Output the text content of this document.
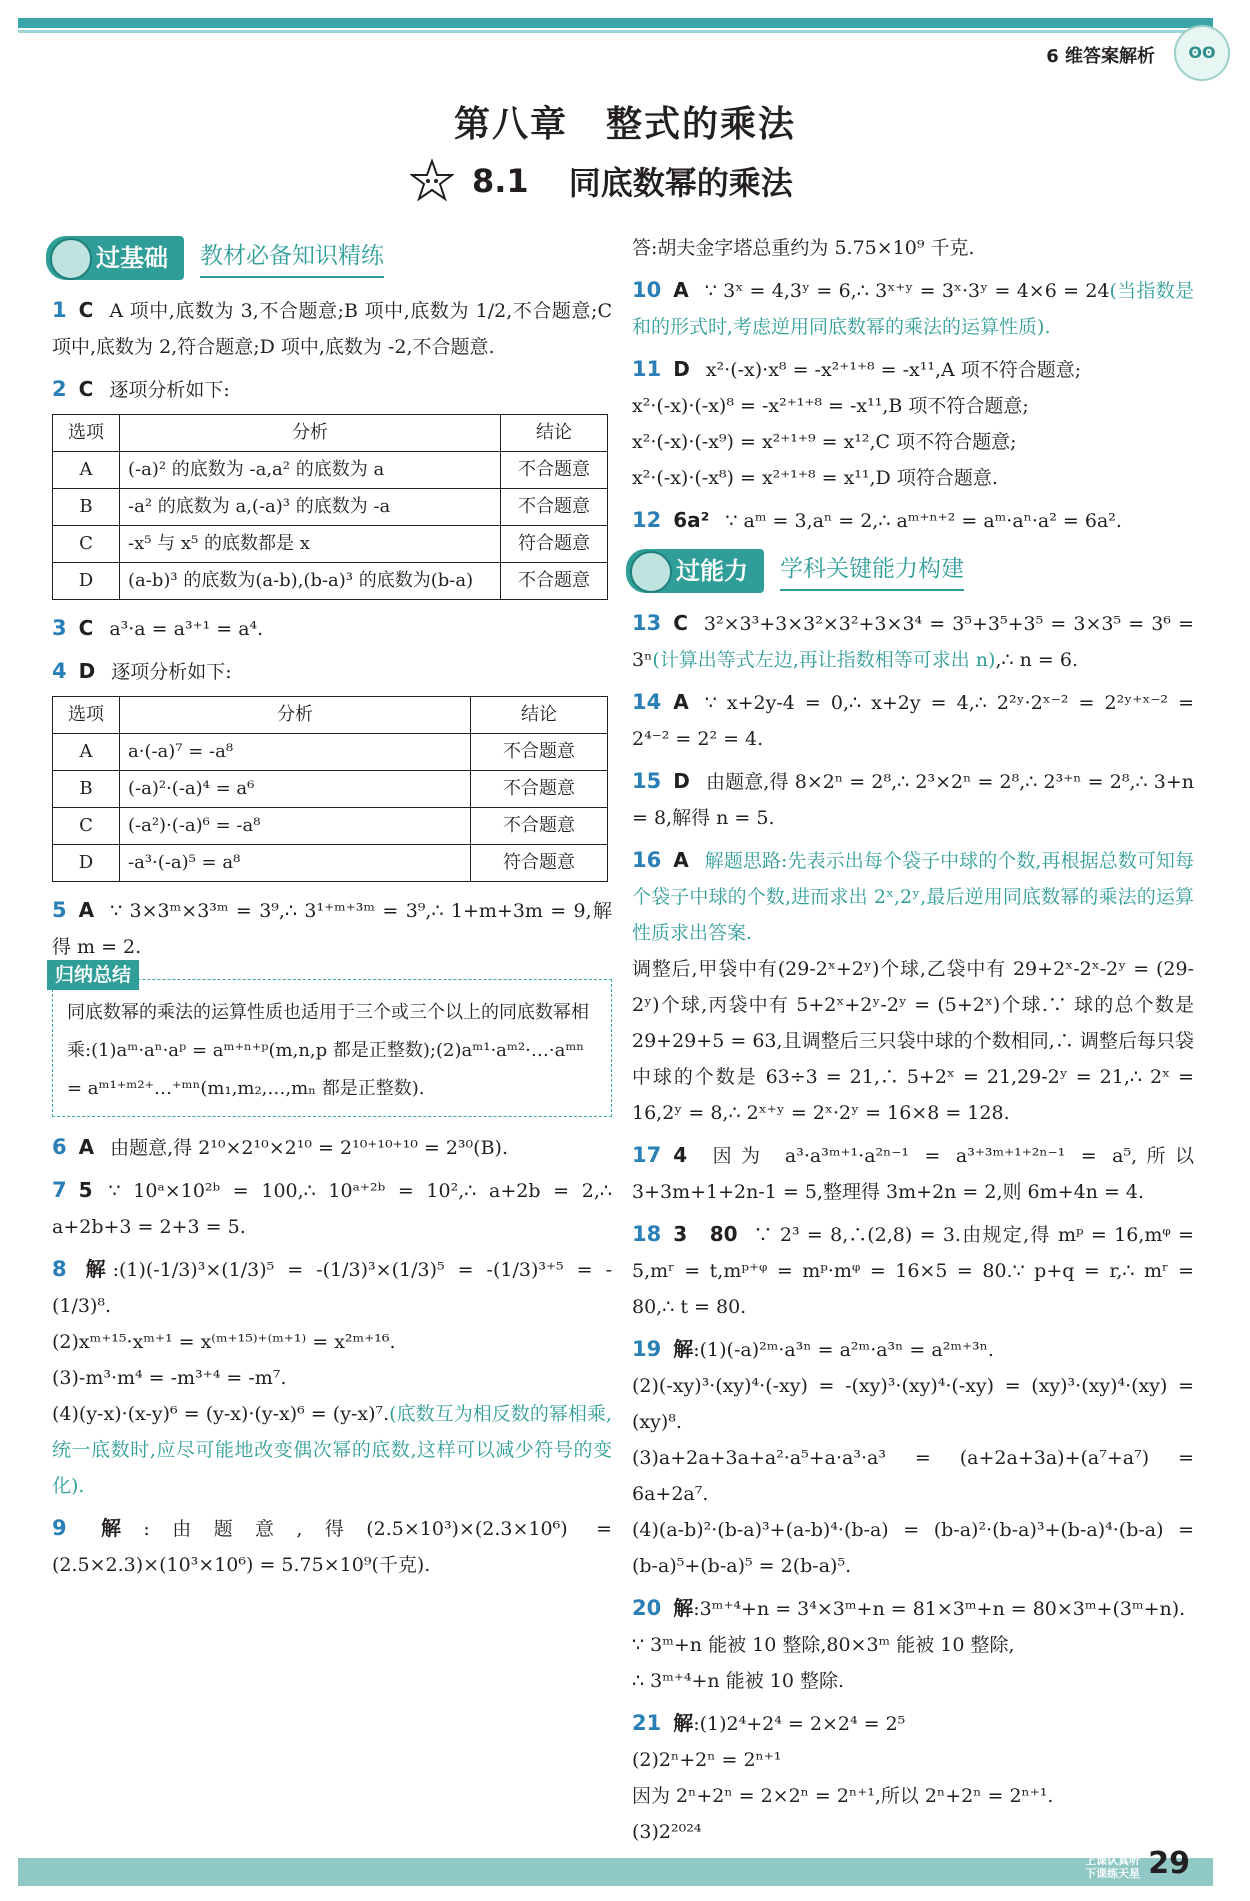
6 维答案解析	ʘʘ
第八章　整式的乘法
8.1 同底数幂的乘法
过基础	教材必备知识精练
1 C A 项中,底数为 3,不合题意;B 项中,底数为 1/2,不合题意;C 项中,底数为 2,符合题意;D 项中,底数为 -2,不合题意.
2 C 逐项分析如下:
选项	分析	结论
A	(-a)² 的底数为 -a,a² 的底数为 a	不合题意
B	-a² 的底数为 a,(-a)³ 的底数为 -a	不合题意
C	-x⁵ 与 x⁵ 的底数都是 x	符合题意
D	(a-b)³ 的底数为(a-b),(b-a)³ 的底数为(b-a)	不合题意
3 C a³·a = a³⁺¹ = a⁴.
4 D 逐项分析如下:
选项	分析	结论
A	a·(-a)⁷ = -a⁸	不合题意
B	(-a)²·(-a)⁴ = a⁶	不合题意
C	(-a²)·(-a)⁶ = -a⁸	不合题意
D	-a³·(-a)⁵ = a⁸	符合题意
5 A ∵ 3×3ᵐ×3³ᵐ = 3⁹,∴ 3¹⁺ᵐ⁺³ᵐ = 3⁹,∴ 1+m+3m = 9,解得 m = 2.
归纳总结
同底数幂的乘法的运算性质也适用于三个或三个以上的同底数幂相乘:(1)aᵐ·aⁿ·aᵖ = aᵐ⁺ⁿ⁺ᵖ(m,n,p 都是正整数);(2)aᵐ¹·aᵐ²·…·aᵐⁿ = aᵐ¹⁺ᵐ²⁺…⁺ᵐⁿ(m₁,m₂,…,mₙ 都是正整数).
6 A 由题意,得 2¹⁰×2¹⁰×2¹⁰ = 2¹⁰⁺¹⁰⁺¹⁰ = 2³⁰(B).
7 5 ∵ 10ᵃ×10²ᵇ = 100,∴ 10ᵃ⁺²ᵇ = 10²,∴ a+2b = 2,∴ a+2b+3 = 2+3 = 5.
8 解:(1)(-1/3)³×(1/3)⁵ = -(1/3)³×(1/3)⁵ = -(1/3)³⁺⁵ = -(1/3)⁸.
(2)xᵐ⁺¹⁵·xᵐ⁺¹ = x⁽ᵐ⁺¹⁵⁾⁺⁽ᵐ⁺¹⁾ = x²ᵐ⁺¹⁶.
(3)-m³·m⁴ = -m³⁺⁴ = -m⁷.
(4)(y-x)·(x-y)⁶ = (y-x)·(y-x)⁶ = (y-x)⁷.(底数互为相反数的幂相乘,统一底数时,应尽可能地改变偶次幂的底数,这样可以减少符号的变化).
9 解:由题意,得(2.5×10³)×(2.3×10⁶) = (2.5×2.3)×(10³×10⁶) = 5.75×10⁹(千克).
答:胡夫金字塔总重约为 5.75×10⁹ 千克.
10 A ∵ 3ˣ = 4,3ʸ = 6,∴ 3ˣ⁺ʸ = 3ˣ·3ʸ = 4×6 = 24(当指数是和的形式时,考虑逆用同底数幂的乘法的运算性质).
11 D x²·(-x)·x⁸ = -x²⁺¹⁺⁸ = -x¹¹,A 项不符合题意;
x²·(-x)·(-x)⁸ = -x²⁺¹⁺⁸ = -x¹¹,B 项不符合题意;
x²·(-x)·(-x⁹) = x²⁺¹⁺⁹ = x¹²,C 项不符合题意;
x²·(-x)·(-x⁸) = x²⁺¹⁺⁸ = x¹¹,D 项符合题意.
12 6a² ∵ aᵐ = 3,aⁿ = 2,∴ aᵐ⁺ⁿ⁺² = aᵐ·aⁿ·a² = 6a².
过能力	学科关键能力构建
13 C 3²×3³+3×3²×3²+3×3⁴ = 3⁵+3⁵+3⁵ = 3×3⁵ = 3⁶ = 3ⁿ(计算出等式左边,再让指数相等可求出 n),∴ n = 6.
14 A ∵ x+2y-4 = 0,∴ x+2y = 4,∴ 2²ʸ·2ˣ⁻² = 2²ʸ⁺ˣ⁻² = 2⁴⁻² = 2² = 4.
15 D 由题意,得 8×2ⁿ = 2⁸,∴ 2³×2ⁿ = 2⁸,∴ 2³⁺ⁿ = 2⁸,∴ 3+n = 8,解得 n = 5.
16 A 解题思路:先表示出每个袋子中球的个数,再根据总数可知每个袋子中球的个数,进而求出 2ˣ,2ʸ,最后逆用同底数幂的乘法的运算性质求出答案.
调整后,甲袋中有(29-2ˣ+2ʸ)个球,乙袋中有 29+2ˣ-2ˣ-2ʸ = (29-2ʸ)个球,丙袋中有 5+2ˣ+2ʸ-2ʸ = (5+2ˣ)个球.∵ 球的总个数是 29+29+5 = 63,且调整后三只袋中球的个数相同,∴ 调整后每只袋中球的个数是 63÷3 = 21,∴ 5+2ˣ = 21,29-2ʸ = 21,∴ 2ˣ = 16,2ʸ = 8,∴ 2ˣ⁺ʸ = 2ˣ·2ʸ = 16×8 = 128.
17 4 因为 a³·a³ᵐ⁺¹·a²ⁿ⁻¹ = a³⁺³ᵐ⁺¹⁺²ⁿ⁻¹ = a⁵,所以 3+3m+1+2n-1 = 5,整理得 3m+2n = 2,则 6m+4n = 4.
18 3　80 ∵ 2³ = 8,∴(2,8) = 3.由规定,得 mᵖ = 16,mᵠ = 5,mʳ = t,mᵖ⁺ᵠ = mᵖ·mᵠ = 16×5 = 80.∵ p+q = r,∴ mʳ = 80,∴ t = 80.
19 解:(1)(-a)²ᵐ·a³ⁿ = a²ᵐ·a³ⁿ = a²ᵐ⁺³ⁿ.
(2)(-xy)³·(xy)⁴·(-xy) = -(xy)³·(xy)⁴·(-xy) = (xy)³·(xy)⁴·(xy) = (xy)⁸.
(3)a+2a+3a+a²·a⁵+a·a³·a³ = (a+2a+3a)+(a⁷+a⁷) = 6a+2a⁷.
(4)(a-b)²·(b-a)³+(a-b)⁴·(b-a) = (b-a)²·(b-a)³+(b-a)⁴·(b-a) = (b-a)⁵+(b-a)⁵ = 2(b-a)⁵.
20 解:3ᵐ⁺⁴+n = 3⁴×3ᵐ+n = 81×3ᵐ+n = 80×3ᵐ+(3ᵐ+n).
∵ 3ᵐ+n 能被 10 整除,80×3ᵐ 能被 10 整除,
∴ 3ᵐ⁺⁴+n 能被 10 整除.
21 解:(1)2⁴+2⁴ = 2×2⁴ = 2⁵
(2)2ⁿ+2ⁿ = 2ⁿ⁺¹
因为 2ⁿ+2ⁿ = 2×2ⁿ = 2ⁿ⁺¹,所以 2ⁿ+2ⁿ = 2ⁿ⁺¹.
(3)2²⁰²⁴
上课认真听
下课练天星 29
